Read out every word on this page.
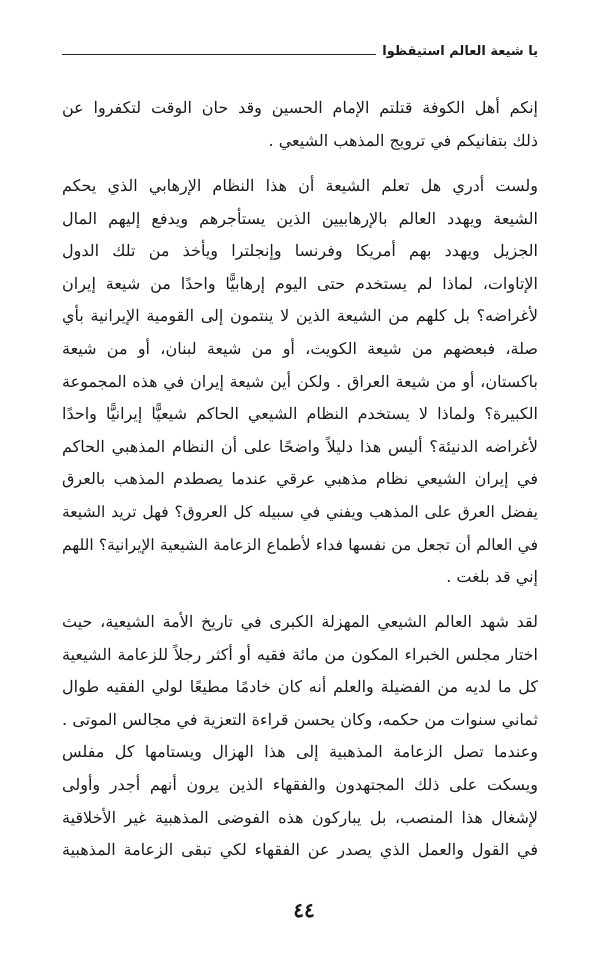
يا شيعة العالم استيقظوا
إنكم أهل الكوفة قتلتم الإمام الحسين وقد حان الوقت لتكفروا عن
ذلك بتفانيكم في ترويج المذهب الشيعي .
ولست أدري هل تعلم الشيعة أن هذا النظام الإرهابي الذي يحكم
الشيعة ويهدد العالم بالإرهابيين الذين يستأجرهم ويدفع إليهم المال
الجزيل ويهدد بهم أمريكا وفرنسا وإنجلترا ويأخذ من تلك الدول
الإتاوات، لماذا لم يستخدم حتى اليوم إرهابيًّا واحدًا من شيعة إيران
لأغراضه؟ بل كلهم من الشيعة الذين لا ينتمون إلى القومية الإيرانية بأي
صلة، فبعضهم من شيعة الكويت، أو من شيعة لبنان، أو من شيعة
باكستان، أو من شيعة العراق . ولكن أين شيعة إيران في هذه المجموعة
الكبيرة؟ ولماذا لا يستخدم النظام الشيعي الحاكم شيعيًّا إيرانيًّا واحدًا
لأغراضه الدنيئة؟ أليس هذا دليلاً واضحًا على أن النظام المذهبي الحاكم
في إيران الشيعي نظام مذهبي عرقي عندما يصطدم المذهب بالعرق
يفضل العرق على المذهب ويفني في سبيله كل العروق؟ فهل تريد الشيعة
في العالم أن تجعل من نفسها فداء لأطماع الزعامة الشيعية الإيرانية؟ اللهم
إني قد بلغت .
لقد شهد العالم الشيعي المهزلة الكبرى في تاريخ الأمة الشيعية، حيث
اختار مجلس الخبراء المكون من مائة فقيه أو أكثر رجلاً للزعامة الشيعية
كل ما لديه من الفضيلة والعلم أنه كان خادمًا مطيعًا لولي الفقيه طوال
ثماني سنوات من حكمه، وكان يحسن قراءة التعزية في مجالس الموتى .
وعندما تصل الزعامة المذهبية إلى هذا الهزال ويستامها كل مفلس
ويسكت على ذلك المجتهدون والفقهاء الذين يرون أنهم أجدر وأولى
لإشغال هذا المنصب، بل يباركون هذه الفوضى المذهبية غير الأخلاقية
في القول والعمل الذي يصدر عن الفقهاء لكي تبقى الزعامة المذهبية
٤٤
